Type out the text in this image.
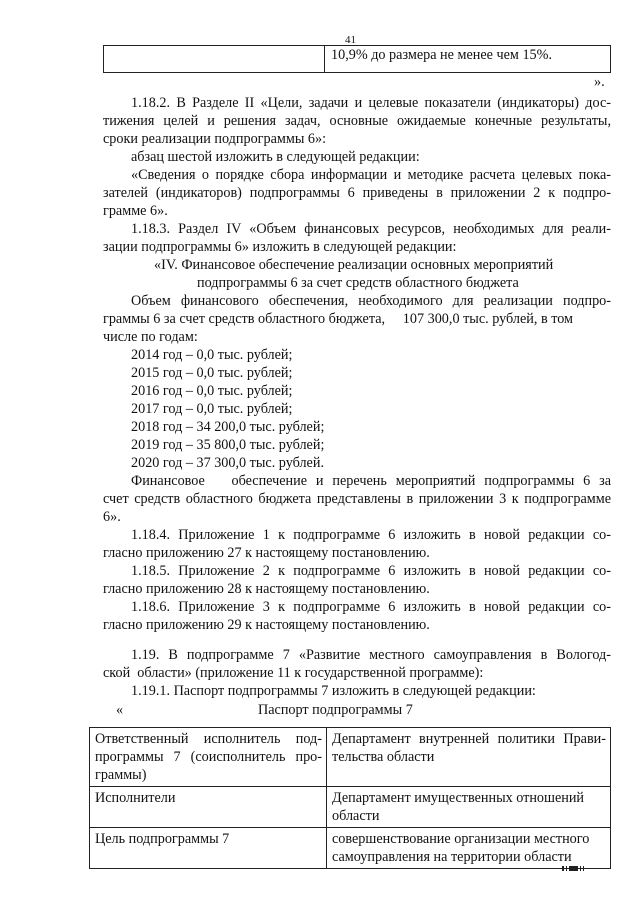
41

10,9% до размера не менее чем 15%.
».
1.18.2. В Разделе II «Цели, задачи и целевые показатели (индикаторы) дос-
тижения целей и решения задач, основные ожидаемые конечные результаты,
сроки реализации подпрограммы 6»:
абзац шестой изложить в следующей редакции:
«Сведения о порядке сбора информации и методике расчета целевых пока-
зателей (индикаторов) подпрограммы 6 приведены в приложении 2 к подпро-
грамме 6».
1.18.3. Раздел IV «Объем финансовых ресурсов, необходимых для реали-
зации подпрограммы 6» изложить в следующей редакции:
«IV. Финансовое обеспечение реализации основных мероприятий
подпрограммы 6 за счет средств областного бюджета
Объем финансового обеспечения, необходимого для реализации подпро-
граммы 6 за счет средств областного бюджета,     107 300,0 тыс. рублей, в том
числе по годам:
2014 год – 0,0 тыс. рублей;
2015 год – 0,0 тыс. рублей;
2016 год – 0,0 тыс. рублей;
2017 год – 0,0 тыс. рублей;
2018 год – 34 200,0 тыс. рублей;
2019 год – 35 800,0 тыс. рублей;
2020 год – 37 300,0 тыс. рублей.
Финансовое   обеспечение и перечень мероприятий подпрограммы 6 за
счет средств областного бюджета представлены в приложении 3 к подпрограмме
6».
1.18.4. Приложение 1 к подпрограмме 6 изложить в новой редакции со-
гласно приложению 27 к настоящему постановлению.
1.18.5. Приложение 2 к подпрограмме 6 изложить в новой редакции со-
гласно приложению 28 к настоящему постановлению.
1.18.6. Приложение 3 к подпрограмме 6 изложить в новой редакции со-
гласно приложению 29 к настоящему постановлению.
1.19. В подпрограмме 7 «Развитие местного самоуправления в Вологод-
ской  области» (приложение 11 к государственной программе):
1.19.1. Паспорт подпрограммы 7 изложить в следующей редакции:
«	Паспорт подпрограммы 7
Ответственный исполнитель под-
программы 7 (соисполнитель про-
граммы)	Департамент внутренней политики Прави-
тельства области

Исполнители	Департамент имущественных отношений
области

Цель подпрограммы 7	совершенствование организации местного
самоуправления на территории области
